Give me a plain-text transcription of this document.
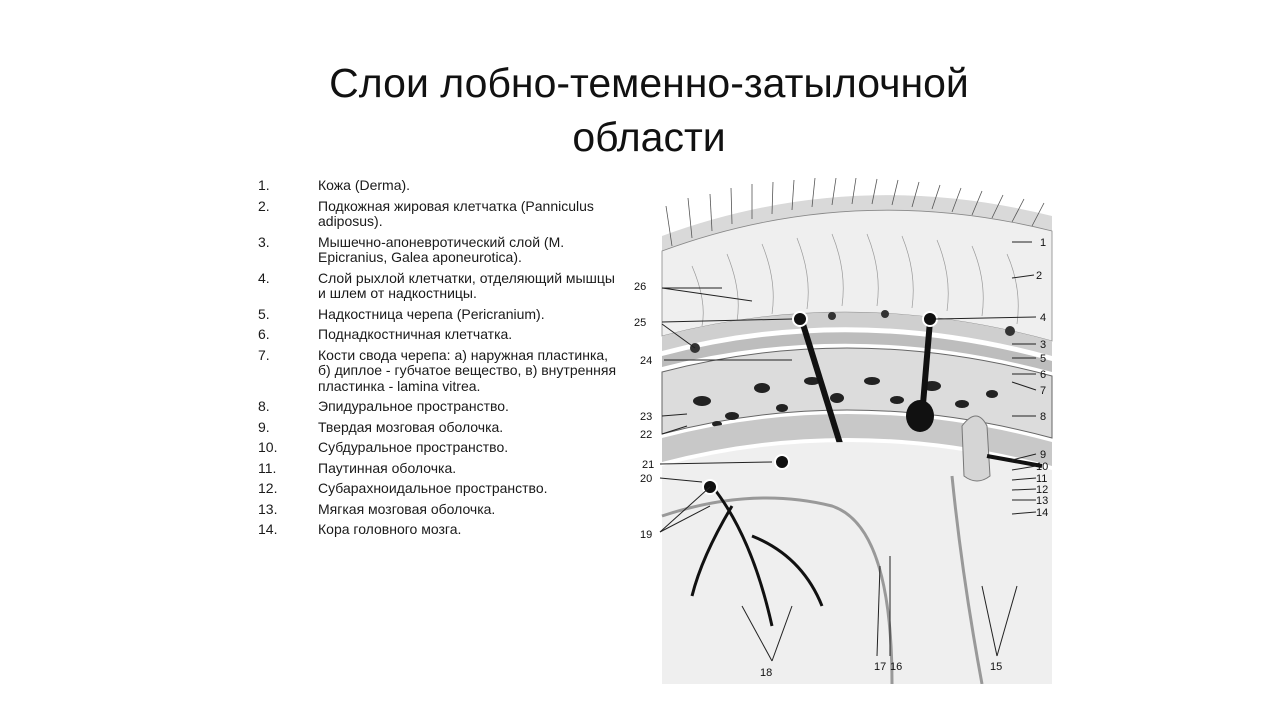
Слои лобно-теменно-затылочной
области
1.	Кожа (Derma).
2.	Подкожная жировая клетчатка (Panniculus adiposus).
3.	Мышечно-апоневротический слой (M. Epicranius, Galea aponeurotica).
4.	Слой рыхлой клетчатки, отделяющий мышцы и шлем от надкостницы.
5.	Надкостница черепа (Pericranium).
6.	Поднадкостничная клетчатка.
7.	Кости свода черепа: а) наружная пластинка, б) диплое - губчатое вещество, в) внутренняя пластинка - lamina vitrea.
8.	Эпидуральное пространство.
9.	Твердая мозговая оболочка.
10.	Субдуральное пространство.
11.	Паутинная оболочка.
12.	Субарахноидальное пространство.
13.	Мягкая мозговая оболочка.
14.	Кора головного мозга.
1
2
4
3
5
6
7
8
9
10
11
12
13
14
15
16
17
18
19
20
21
22
23
24
25
26
